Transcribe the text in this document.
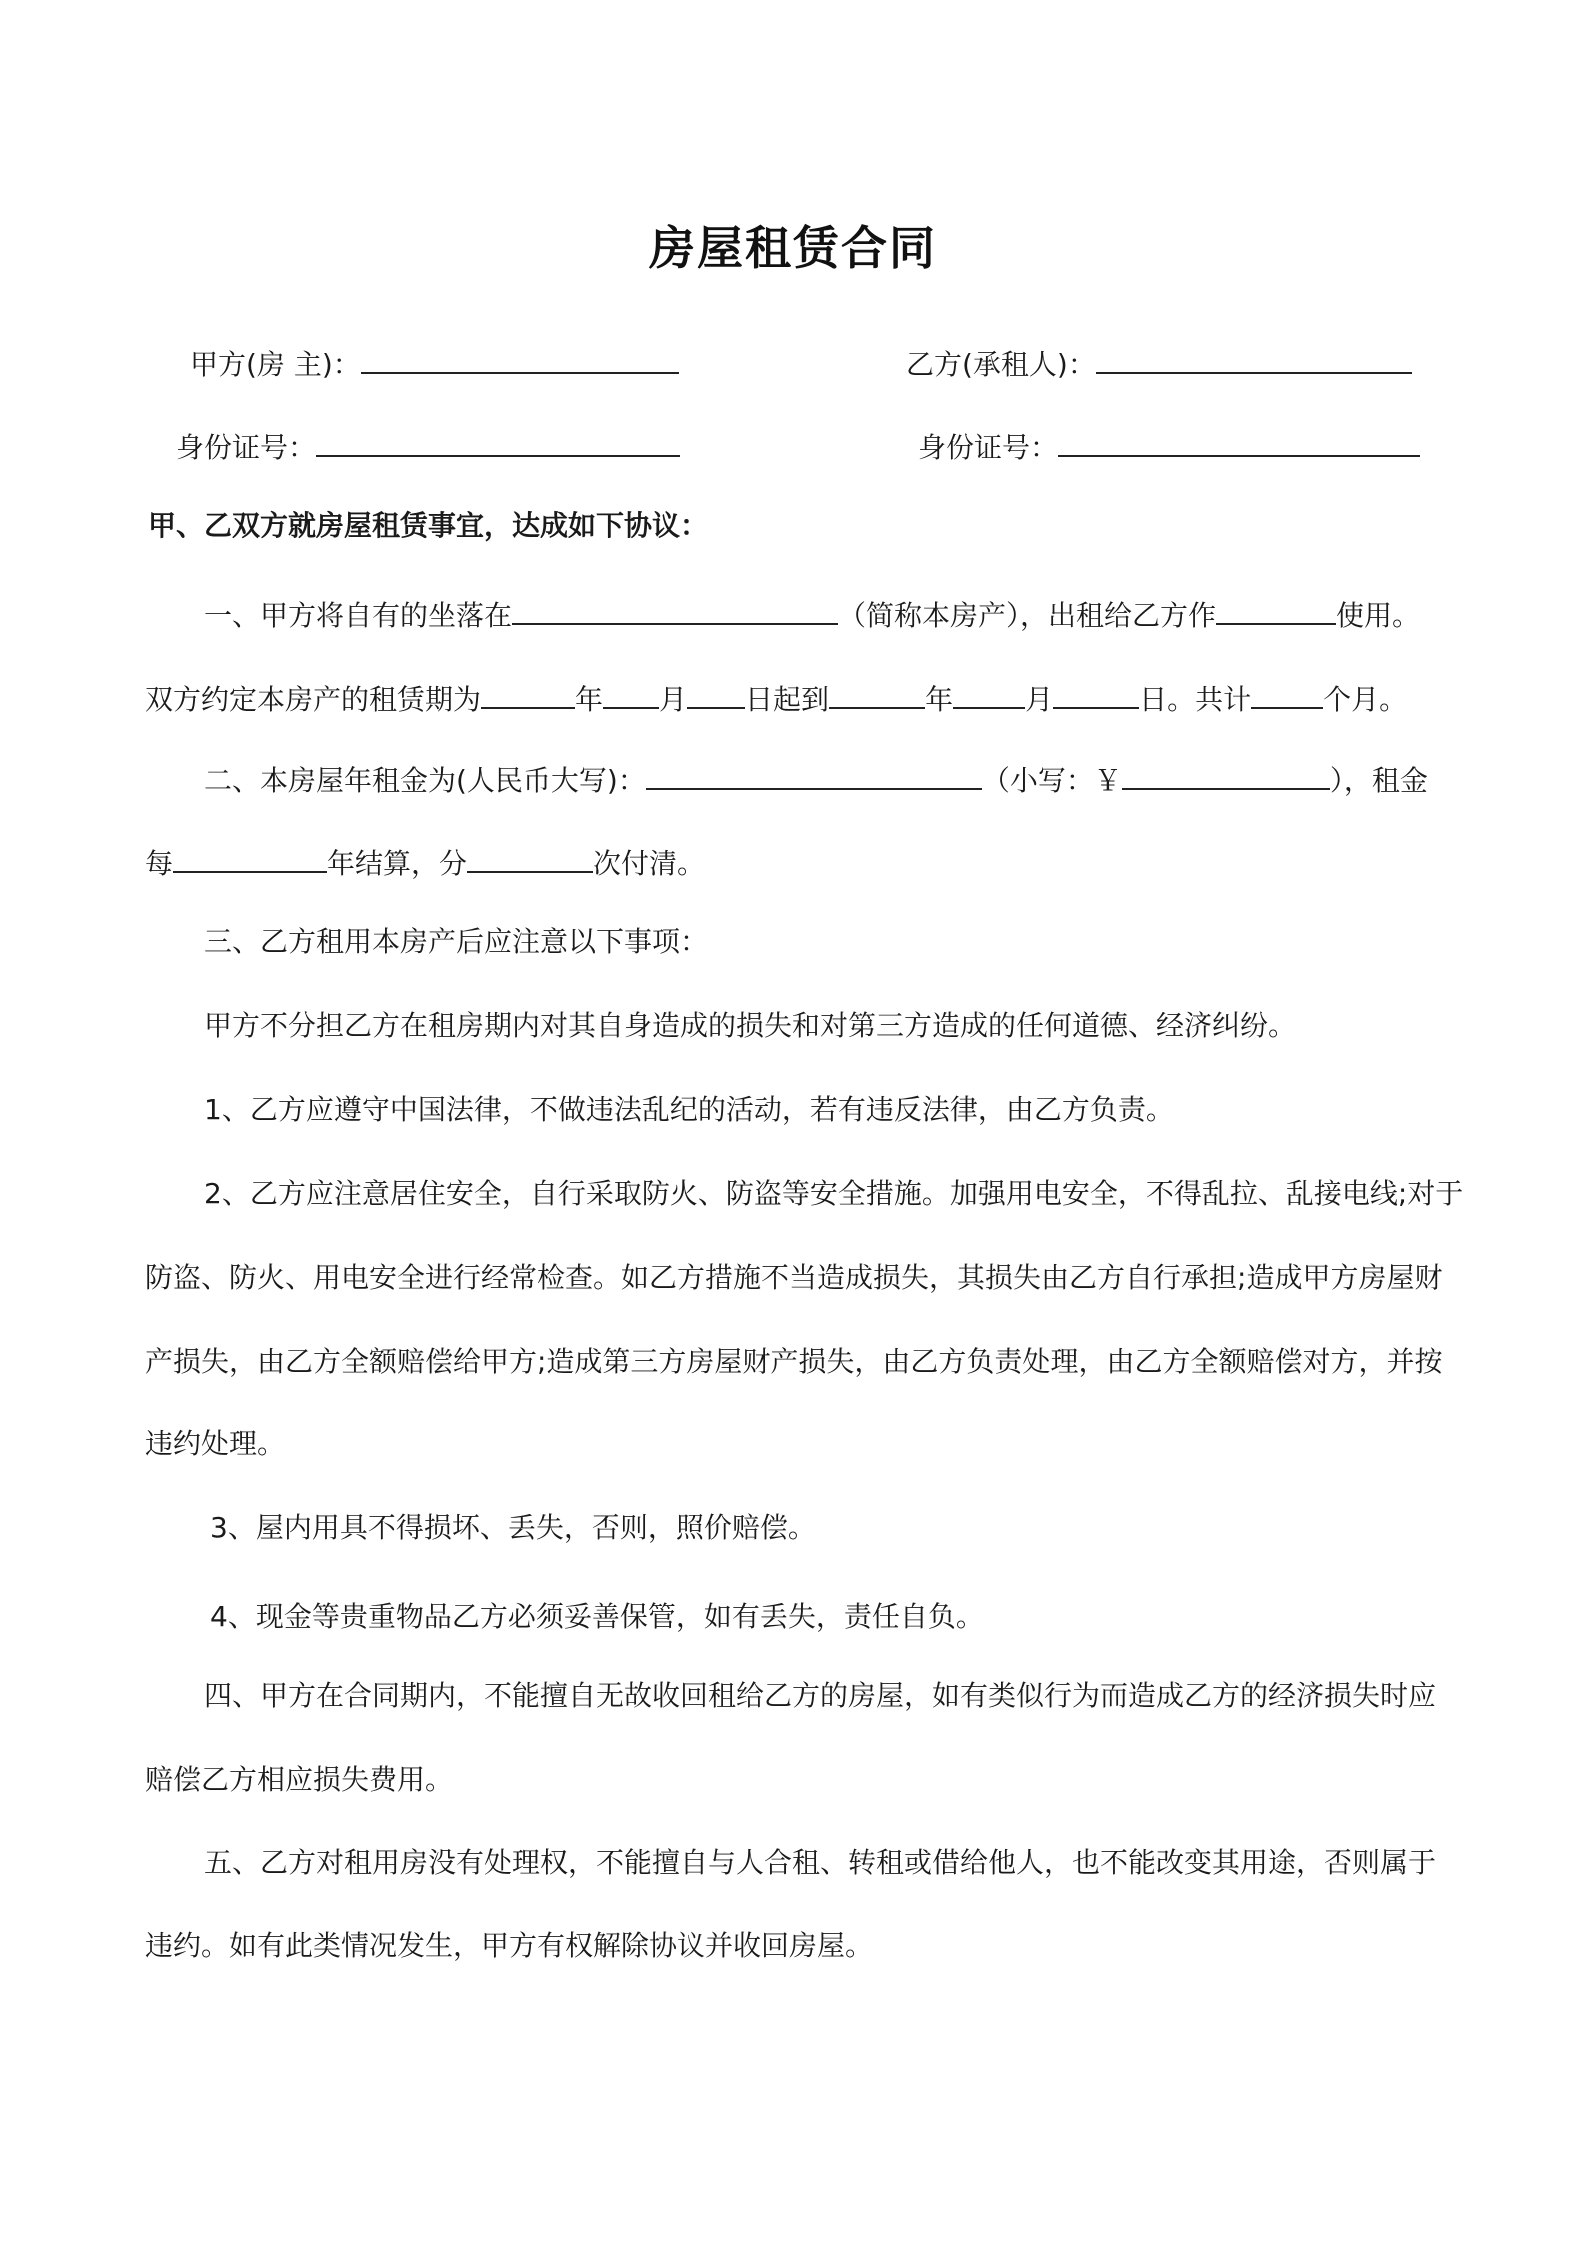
房屋租赁合同
甲方(房 主)：	乙方(承租人)：
身份证号：	身份证号：
甲、乙双方就房屋租赁事宜，达成如下协议：
一、甲方将自有的坐落在	（简称本房产），出租给乙方作	使用。
双方约定本房产的租赁期为	年 月 日起到	年	月	日。共计	个月。
二、本房屋年租金为(人民币大写)：	（小写：￥	），租金
每	年结算，分	次付清。
三、乙方租用本房产后应注意以下事项：
甲方不分担乙方在租房期内对其自身造成的损失和对第三方造成的任何道德、经济纠纷。
1、乙方应遵守中国法律，不做违法乱纪的活动，若有违反法律，由乙方负责。
2、乙方应注意居住安全，自行采取防火、防盗等安全措施。加强用电安全，不得乱拉、乱接电线;对于
防盗、防火、用电安全进行经常检查。如乙方措施不当造成损失，其损失由乙方自行承担;造成甲方房屋财
产损失，由乙方全额赔偿给甲方;造成第三方房屋财产损失，由乙方负责处理，由乙方全额赔偿对方，并按
违约处理。
3、屋内用具不得损坏、丢失，否则，照价赔偿。
4、现金等贵重物品乙方必须妥善保管，如有丢失，责任自负。
四、甲方在合同期内，不能擅自无故收回租给乙方的房屋，如有类似行为而造成乙方的经济损失时应
赔偿乙方相应损失费用。
五、乙方对租用房没有处理权，不能擅自与人合租、转租或借给他人，也不能改变其用途，否则属于
违约。如有此类情况发生，甲方有权解除协议并收回房屋。
